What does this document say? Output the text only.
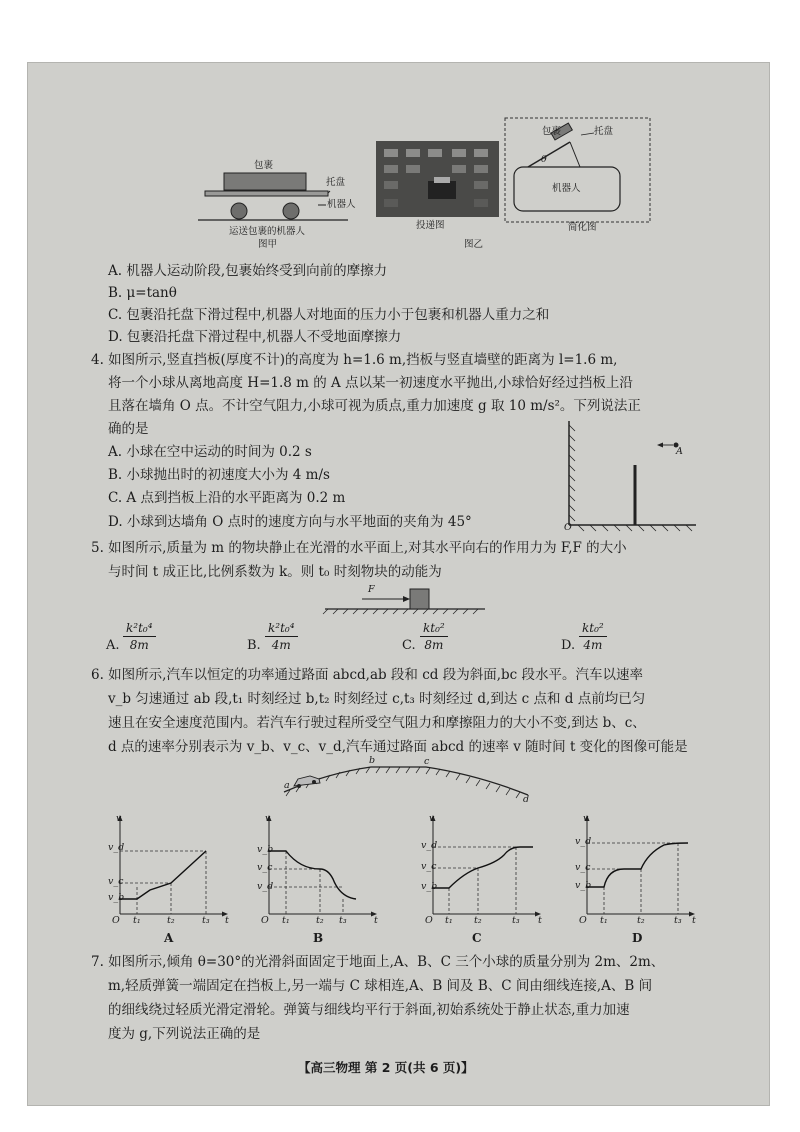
包裹
托盘
机器人
运送包裹的机器人
图甲
投递图
图乙
包裹	托盘
θ
机器人
简化图
A. 机器人运动阶段,包裹始终受到向前的摩擦力
B. μ=tanθ
C. 包裹沿托盘下滑过程中,机器人对地面的压力小于包裹和机器人重力之和
D. 包裹沿托盘下滑过程中,机器人不受地面摩擦力
4. 如图所示,竖直挡板(厚度不计)的高度为 h=1.6 m,挡板与竖直墙壁的距离为 l=1.6 m,
将一个小球从离地高度 H=1.8 m 的 A 点以某一初速度水平抛出,小球恰好经过挡板上沿
且落在墙角 O 点。不计空气阻力,小球可视为质点,重力加速度 g 取 10 m/s²。下列说法正
确的是
A. 小球在空中运动的时间为 0.2 s
B. 小球抛出时的初速度大小为 4 m/s
C. A 点到挡板上沿的水平距离为 0.2 m
D. 小球到达墙角 O 点时的速度方向与水平地面的夹角为 45°
A
O
5. 如图所示,质量为 m 的物块静止在光滑的水平面上,对其水平向右的作用力为 F,F 的大小
与时间 t 成正比,比例系数为 k。则 t₀ 时刻物块的动能为
F
A. $\frac{\text{k²t₀⁴}}{8m}$	B. $\frac{\text{k²t₀⁴}}{4m}$	C. $\frac{\text{kt₀²}}{8m}$	D. $\frac{\text{kt₀²}}{4m}$
6. 如图所示,汽车以恒定的功率通过路面 abcd,ab 段和 cd 段为斜面,bc 段水平。汽车以速率
v_b 匀速通过 ab 段,t₁ 时刻经过 b,t₂ 时刻经过 c,t₃ 时刻经过 d,到达 c 点和 d 点前均已匀
速且在安全速度范围内。若汽车行驶过程所受空气阻力和摩擦阻力的大小不变,到达 b、c、
d 点的速率分别表示为 v_b、v_c、v_d,汽车通过路面 abcd 的速率 v 随时间 t 变化的图像可能是
a
b	c
d
v
v_d
v_c
v_b
O t₁	t₂	t₃ t
A
v
v_b
v_c
v_d
O t₁	t₂ t₃	t
B
v
v_d
v_c
v_b
O t₁ t₂	t₃ t
C
v
v_d
v_c
v_b
O t₁	t₂	t₃ t
D
7. 如图所示,倾角 θ=30°的光滑斜面固定于地面上,A、B、C 三个小球的质量分别为 2m、2m、
m,轻质弹簧一端固定在挡板上,另一端与 C 球相连,A、B 间及 B、C 间由细线连接,A、B 间
的细线绕过轻质光滑定滑轮。弹簧与细线均平行于斜面,初始系统处于静止状态,重力加速
度为 g,下列说法正确的是
【高三物理 第 2 页(共 6 页)】
